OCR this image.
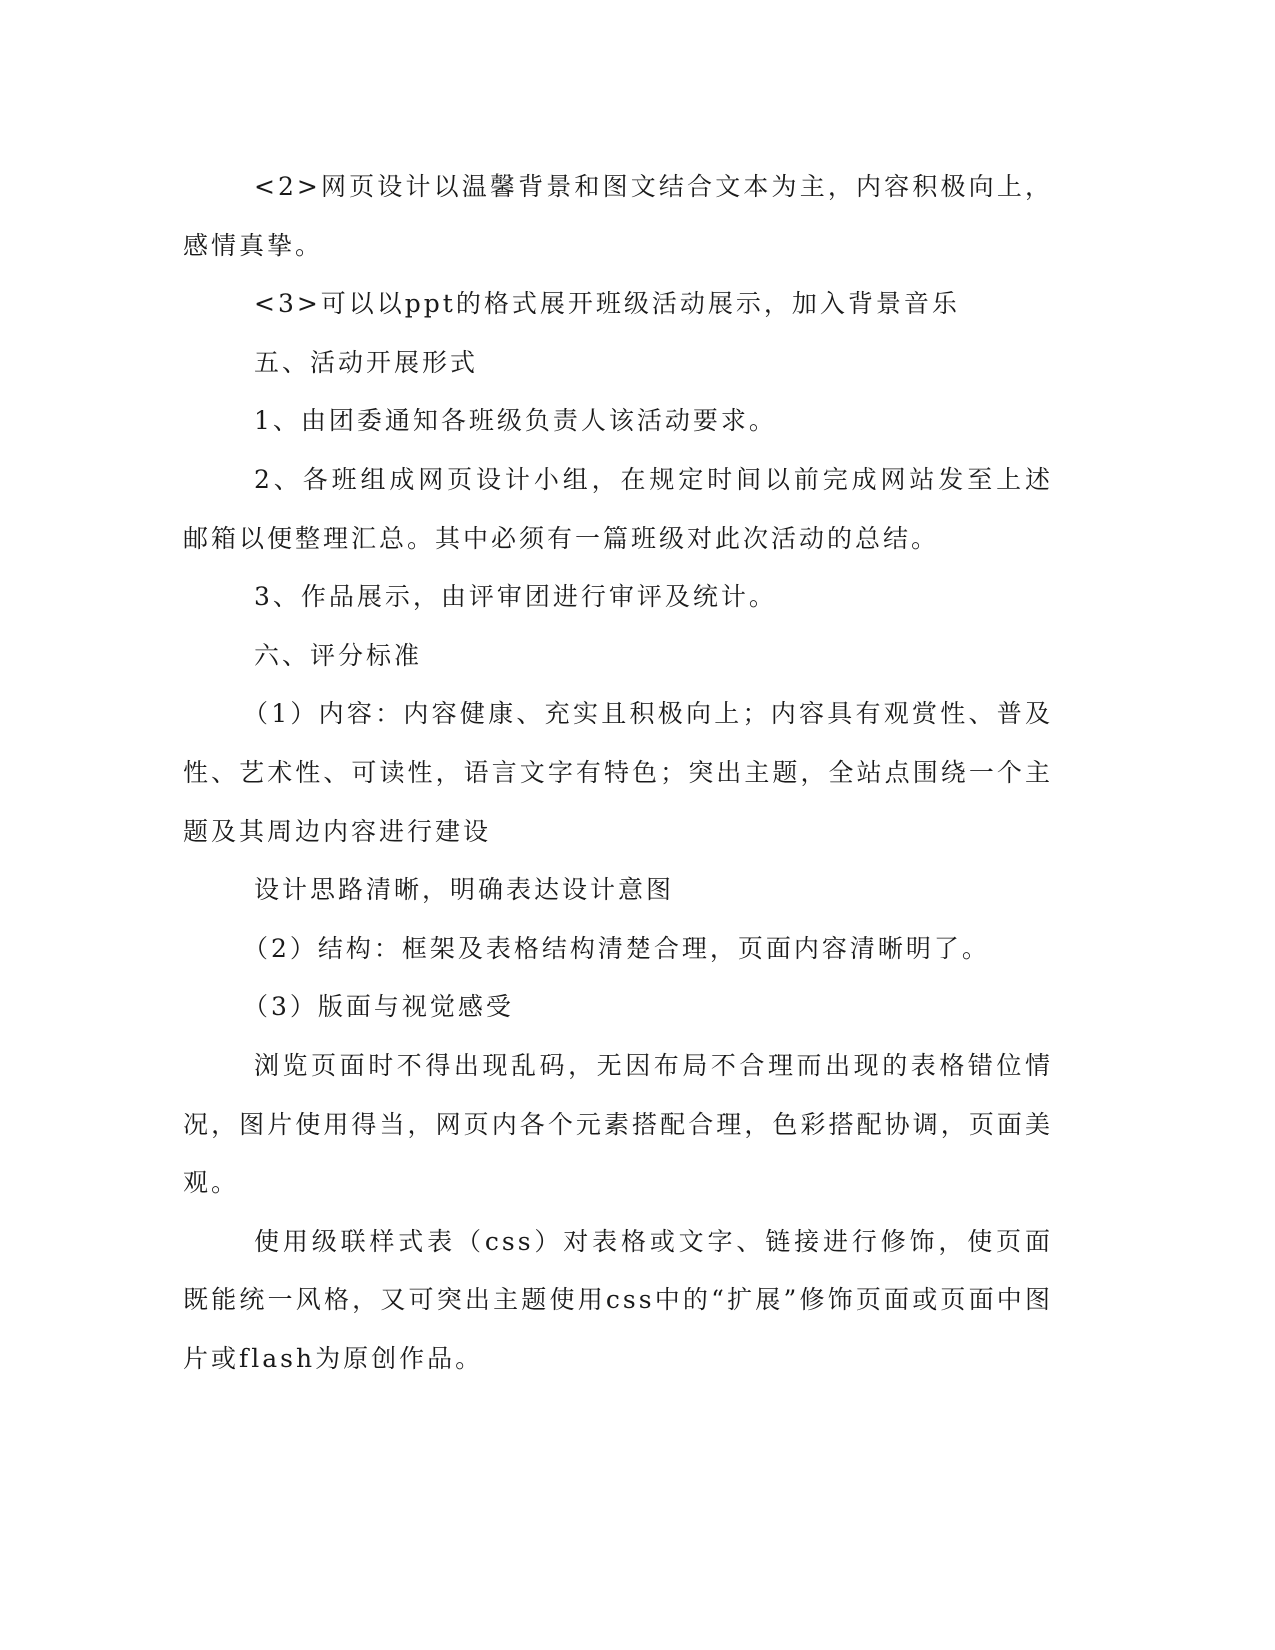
<2>网页设计以温馨背景和图文结合文本为主，内容积极向上，感情真挚。

<3>可以以ppt的格式展开班级活动展示，加入背景音乐

五、活动开展形式

1、由团委通知各班级负责人该活动要求。

2、各班组成网页设计小组，在规定时间以前完成网站发至上述邮箱以便整理汇总。其中必须有一篇班级对此次活动的总结。

3、作品展示，由评审团进行审评及统计。

六、评分标准

（1）内容：内容健康、充实且积极向上；内容具有观赏性、普及性、艺术性、可读性，语言文字有特色；突出主题，全站点围绕一个主题及其周边内容进行建设

设计思路清晰，明确表达设计意图

（2）结构：框架及表格结构清楚合理，页面内容清晰明了。

（3）版面与视觉感受

浏览页面时不得出现乱码，无因布局不合理而出现的表格错位情况，图片使用得当，网页内各个元素搭配合理，色彩搭配协调，页面美观。

使用级联样式表（css）对表格或文字、链接进行修饰，使页面既能统一风格，又可突出主题使用css中的“扩展”修饰页面或页面中图片或flash为原创作品。
